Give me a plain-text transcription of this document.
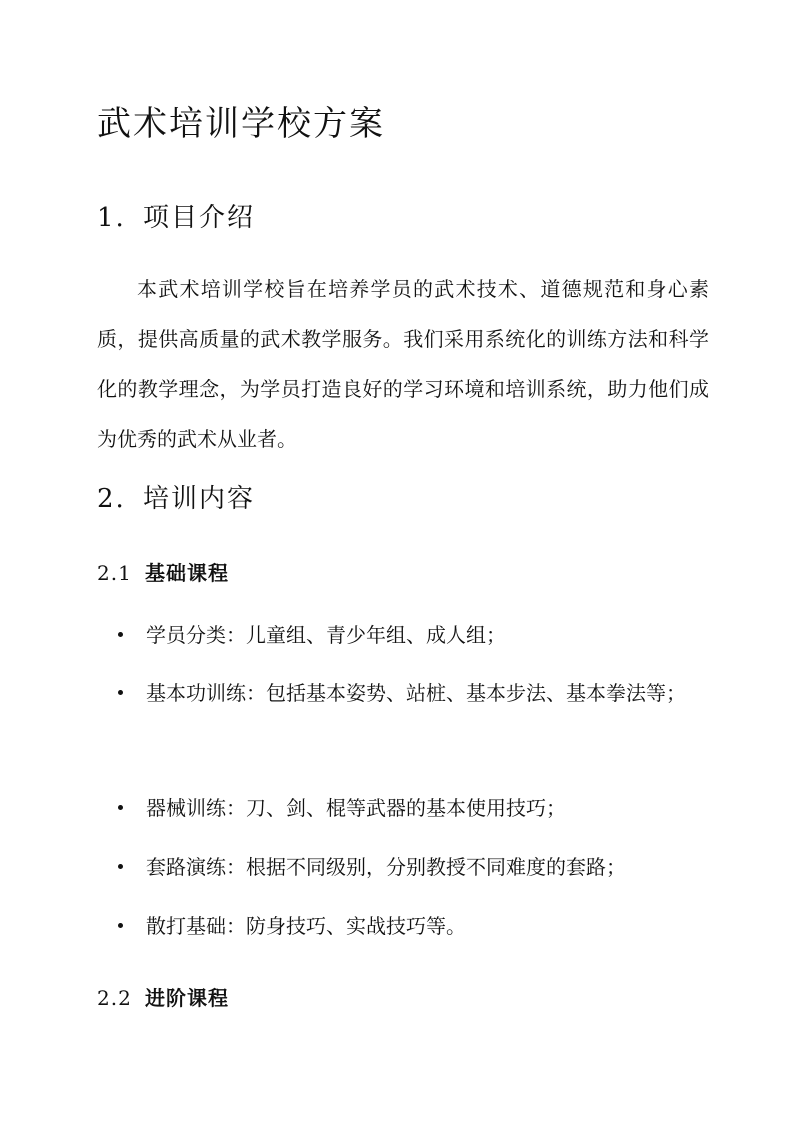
武术培训学校方案
1. 项目介绍

本武术培训学校旨在培养学员的武术技术、道德规范和身心素质，提供高质量的武术教学服务。我们采用系统化的训练方法和科学化的教学理念，为学员打造良好的学习环境和培训系统，助力他们成为优秀的武术从业者。

2. 培训内容
2.1 基础课程
学员分类：儿童组、青少年组、成人组；
基本功训练：包括基本姿势、站桩、基本步法、基本拳法等；
器械训练：刀、剑、棍等武器的基本使用技巧；
套路演练：根据不同级别，分别教授不同难度的套路；
散打基础：防身技巧、实战技巧等。
2.2 进阶课程
